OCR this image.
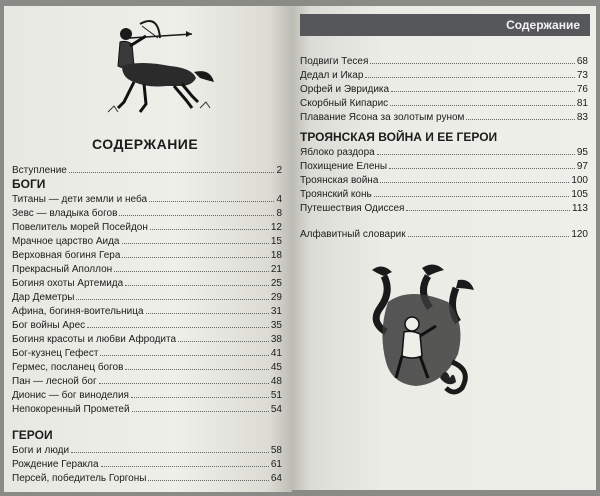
СОДЕРЖАНИЕ
Вступление	2
БОГИ
Титаны — дети земли и неба	4
Зевс — владыка богов	8
Повелитель морей Посейдон	12
Мрачное царство Аида	15
Верховная богиня Гера	18
Прекрасный Аполлон	21
Богиня охоты Артемида	25
Дар Деметры	29
Афина, богиня-воительница	31
Бог войны Арес	35
Богиня красоты и любви Афродита	38
Бог-кузнец Гефест	41
Гермес, посланец богов	45
Пан — лесной бог	48
Дионис — бог виноделия	51
Непокоренный Прометей	54
ГЕРОИ
Боги и люди	58
Рождение Геракла	61
Персей, победитель Горгоны	64
Содержание
Подвиги Тесея	68
Дедал и Икар	73
Орфей и Эвридика	76
Скорбный Кипарис	81
Плавание Ясона за золотым руном	83
ТРОЯНСКАЯ ВОЙНА И ЕЕ ГЕРОИ
Яблоко раздора	95
Похищение Елены	97
Троянская война	100
Троянский конь	105
Путешествия Одиссея	113
Алфавитный словарик	120
